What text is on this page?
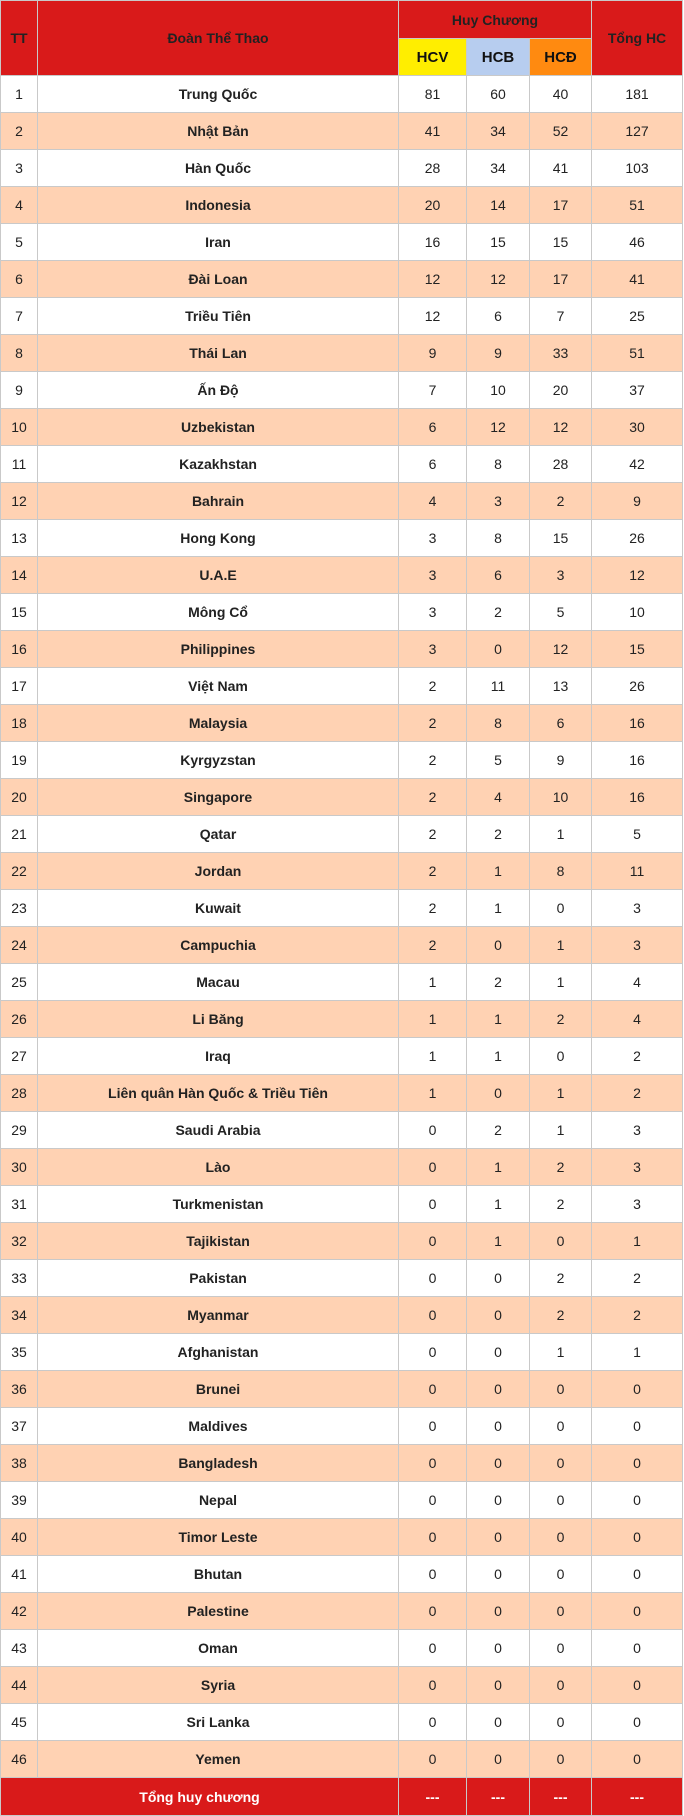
TT	Đoàn Thể Thao	Huy Chương			Tổng HC
		HCV	HCB	HCĐ	
1	Trung Quốc	81	60	40	181
2	Nhật Bản	41	34	52	127
3	Hàn Quốc	28	34	41	103
4	Indonesia	20	14	17	51
5	Iran	16	15	15	46
6	Đài Loan	12	12	17	41
7	Triều Tiên	12	6	7	25
8	Thái Lan	9	9	33	51
9	Ấn Độ	7	10	20	37
10	Uzbekistan	6	12	12	30
11	Kazakhstan	6	8	28	42
12	Bahrain	4	3	2	9
13	Hong Kong	3	8	15	26
14	U.A.E	3	6	3	12
15	Mông Cổ	3	2	5	10
16	Philippines	3	0	12	15
17	Việt Nam	2	11	13	26
18	Malaysia	2	8	6	16
19	Kyrgyzstan	2	5	9	16
20	Singapore	2	4	10	16
21	Qatar	2	2	1	5
22	Jordan	2	1	8	11
23	Kuwait	2	1	0	3
24	Campuchia	2	0	1	3
25	Macau	1	2	1	4
26	Li Băng	1	1	2	4
27	Iraq	1	1	0	2
28	Liên quân Hàn Quốc & Triều Tiên	1	0	1	2
29	Saudi Arabia	0	2	1	3
30	Lào	0	1	2	3
31	Turkmenistan	0	1	2	3
32	Tajikistan	0	1	0	1
33	Pakistan	0	0	2	2
34	Myanmar	0	0	2	2
35	Afghanistan	0	0	1	1
36	Brunei	0	0	0	0
37	Maldives	0	0	0	0
38	Bangladesh	0	0	0	0
39	Nepal	0	0	0	0
40	Timor Leste	0	0	0	0
41	Bhutan	0	0	0	0
42	Palestine	0	0	0	0
43	Oman	0	0	0	0
44	Syria	0	0	0	0
45	Sri Lanka	0	0	0	0
46	Yemen	0	0	0	0
Tổng huy chương		---	---	---	---
